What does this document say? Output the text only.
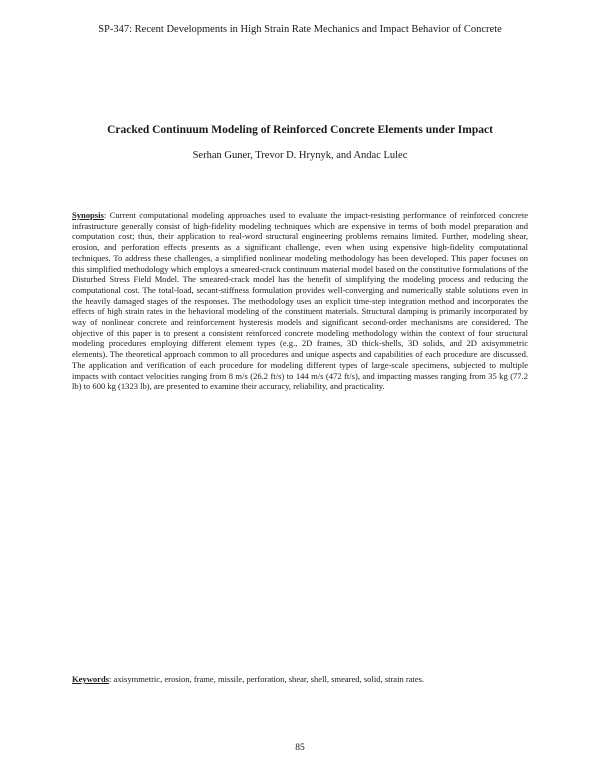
SP-347: Recent Developments in High Strain Rate Mechanics and Impact Behavior of Concrete
Cracked Continuum Modeling of Reinforced Concrete Elements under Impact
Serhan Guner, Trevor D. Hrynyk, and Andac Lulec
Synopsis: Current computational modeling approaches used to evaluate the impact-resisting performance of reinforced concrete infrastructure generally consist of high-fidelity modeling techniques which are expensive in terms of both model preparation and computation cost; thus, their application to real-word structural engineering problems remains limited. Further, modeling shear, erosion, and perforation effects presents as a significant challenge, even when using expensive high-fidelity computational techniques. To address these challenges, a simplified nonlinear modeling methodology has been developed. This paper focuses on this simplified methodology which employs a smeared-crack continuum material model based on the constitutive formulations of the Disturbed Stress Field Model. The smeared-crack model has the benefit of simplifying the modeling process and reducing the computational cost. The total-load, secant-stiffness formulation provides well-converging and numerically stable solutions even in the heavily damaged stages of the responses. The methodology uses an explicit time-step integration method and incorporates the effects of high strain rates in the behavioral modeling of the constituent materials. Structural damping is primarily incorporated by way of nonlinear concrete and reinforcement hysteresis models and significant second-order mechanisms are considered. The objective of this paper is to present a consistent reinforced concrete modeling methodology within the context of four structural modeling procedures employing different element types (e.g., 2D frames, 3D thick-shells, 3D solids, and 2D axisymmetric elements). The theoretical approach common to all procedures and unique aspects and capabilities of each procedure are discussed. The application and verification of each procedure for modeling different types of large-scale specimens, subjected to multiple impacts with contact velocities ranging from 8 m/s (26.2 ft/s) to 144 m/s (472 ft/s), and impacting masses ranging from 35 kg (77.2 lb) to 600 kg (1323 lb), are presented to examine their accuracy, reliability, and practicality.
Keywords: axisymmetric, erosion, frame, missile, perforation, shear, shell, smeared, solid, strain rates.
85
